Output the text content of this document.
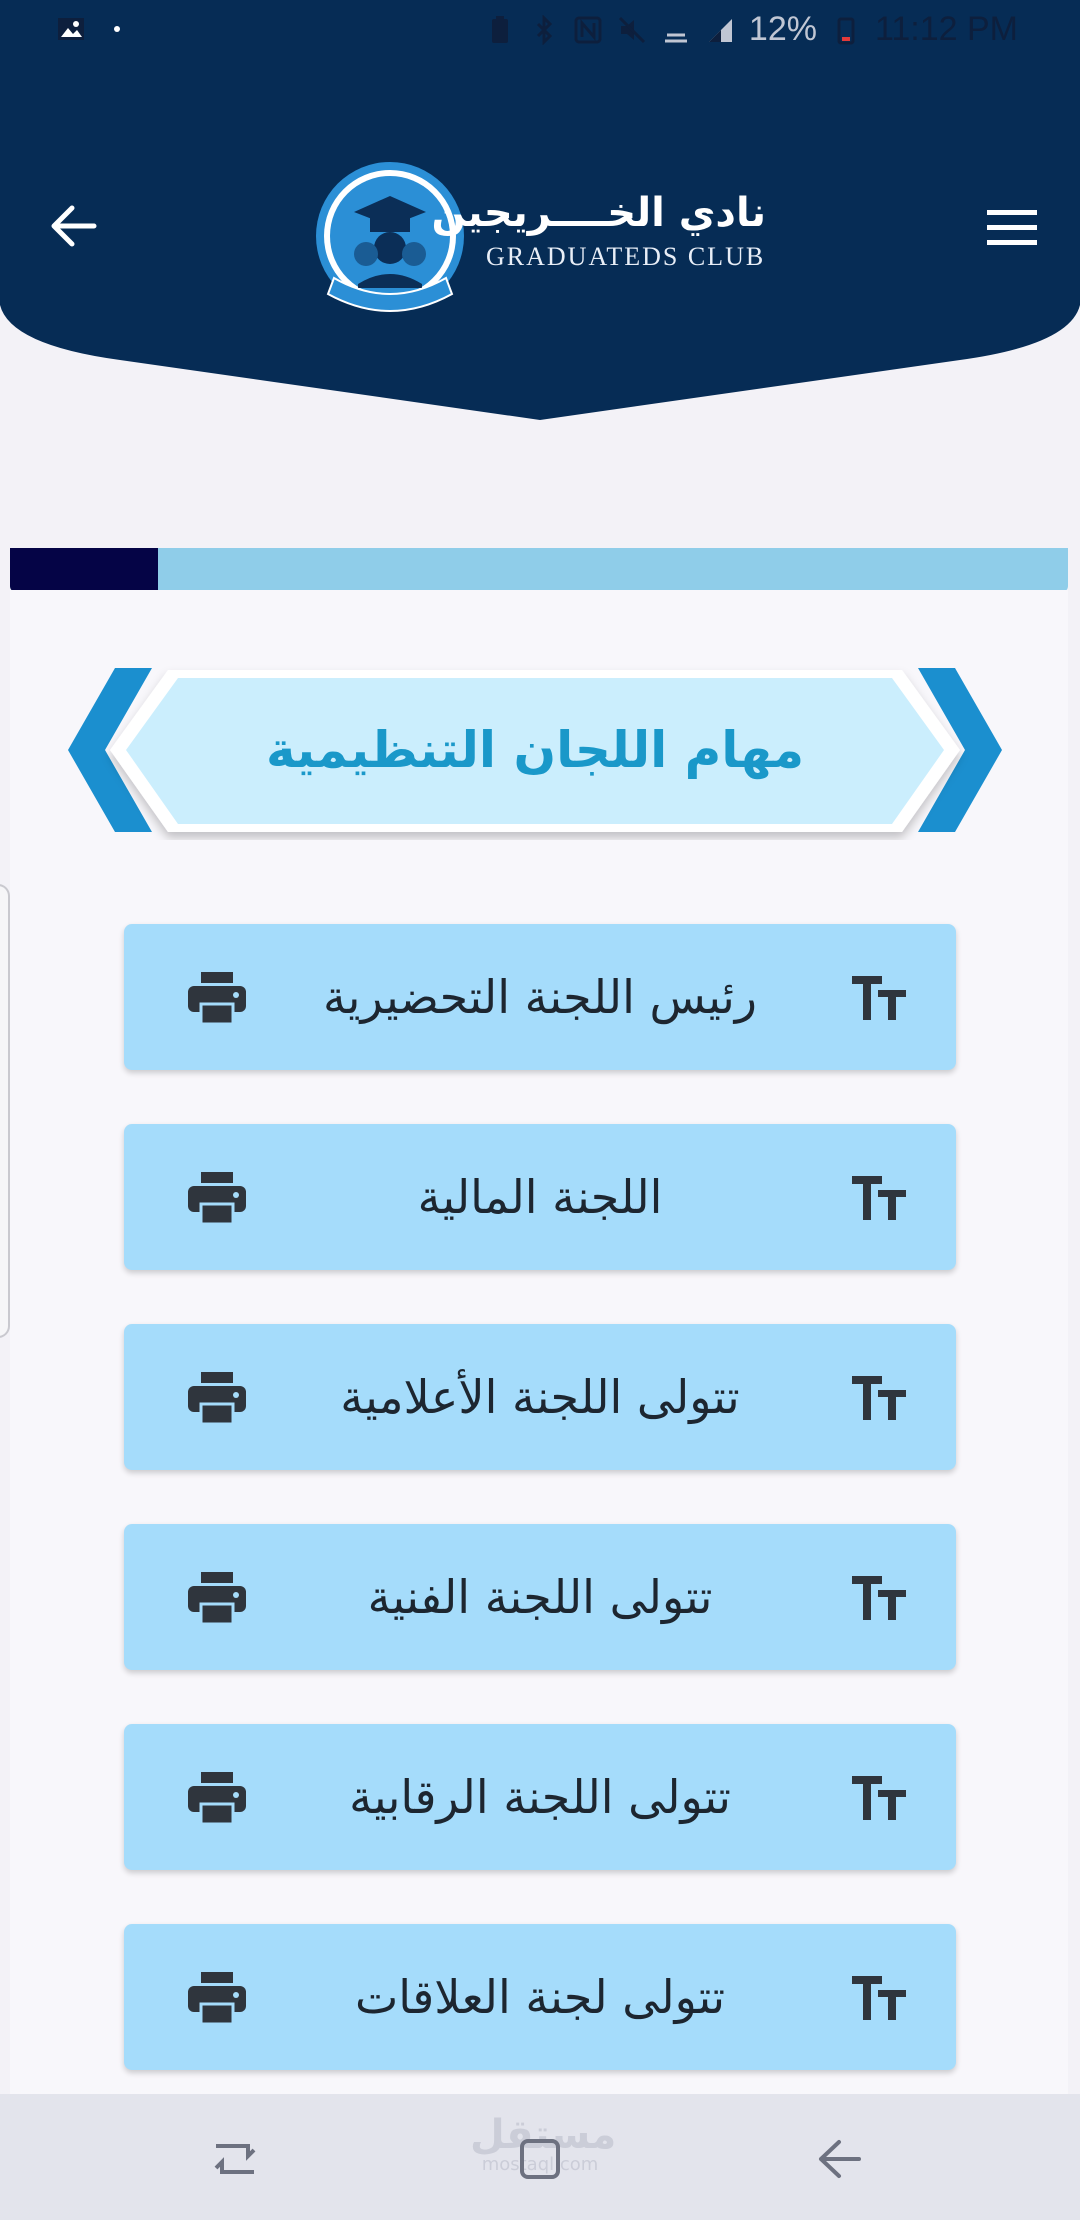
نادي الخــــريجين
GRADUATEDS CLUB
12% 11:12 PM
مهام اللجان التنظيمية
رئيس اللجنة التحضيرية
اللجنة المالية
تتولى اللجنة الأعلامية
تتولى اللجنة الفنية
تتولى اللجنة الرقابية
تتولى لجنة العلاقات
مستقل
mostaql.com
